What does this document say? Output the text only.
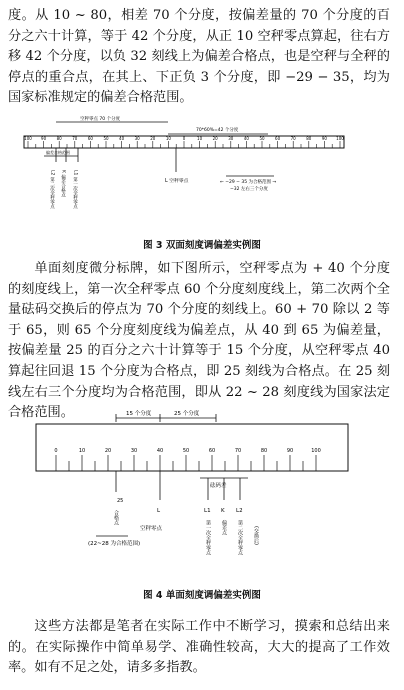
度。从 10 ~ 80，相差 70 个分度，按偏差量的 70 个分度的百分之六十计算，等于 42 个分度，从正 10 空秤零点算起，往右方移 42 个分度，以负 32 刻线上为偏差合格点，也是空秤与全秤的停点的重合点，在其上、下正负 3 个分度，即 −29 − 35，均为国家标准规定的偏差合格范围。

空秤零点 70 个分度
70*60%=42 个分度
100 90	80	70	60	50	40	30	20	10	0	10	20	30	40	50	60	70	80	90 100
偏差合格范围
L2 第二次全秤零点 K 偏差合格点 L1 第一次全秤零点	L 空秤零点	← −29 − 35 为合格范围 →
−32 左右三个分度
图 3 双面刻度调偏差实例图

单面刻度微分标牌，如下图所示，空秤零点为 + 40 个分度的刻度线上，第一次全秤零点 60 个分度刻度线上，第二次两个全量砝码交换后的停点为 70 个分度的刻线上。60 + 70 除以 2 等于 65，则 65 个分度刻度线为偏差点，从 40 到 65 为偏差量，按偏差量 25 的百分之六十计算等于 15 个分度，从空秤零点 40 算起往回退 15 个分度为合格点，即 25 刻线为合格点。在 25 刻线左右三个分度均为合格范围，即从 22 ~ 28 刻度线为国家法定合格范围。	15 个分度	25 个分度
0	10	20	30	40	50	60	70	80	90	100
砝码差
25
合格点	L
空秤零点
L1
第一次全秤零点
K
偏差点
L2
第二次全秤零点 (交换后)
(22~28 为合格范围)
图 4 单面刻度调偏差实例图

这些方法都是笔者在实际工作中不断学习，摸索和总结出来的。在实际操作中简单易学、准确性较高，大大的提高了工作效率。如有不足之处，请多多指教。
